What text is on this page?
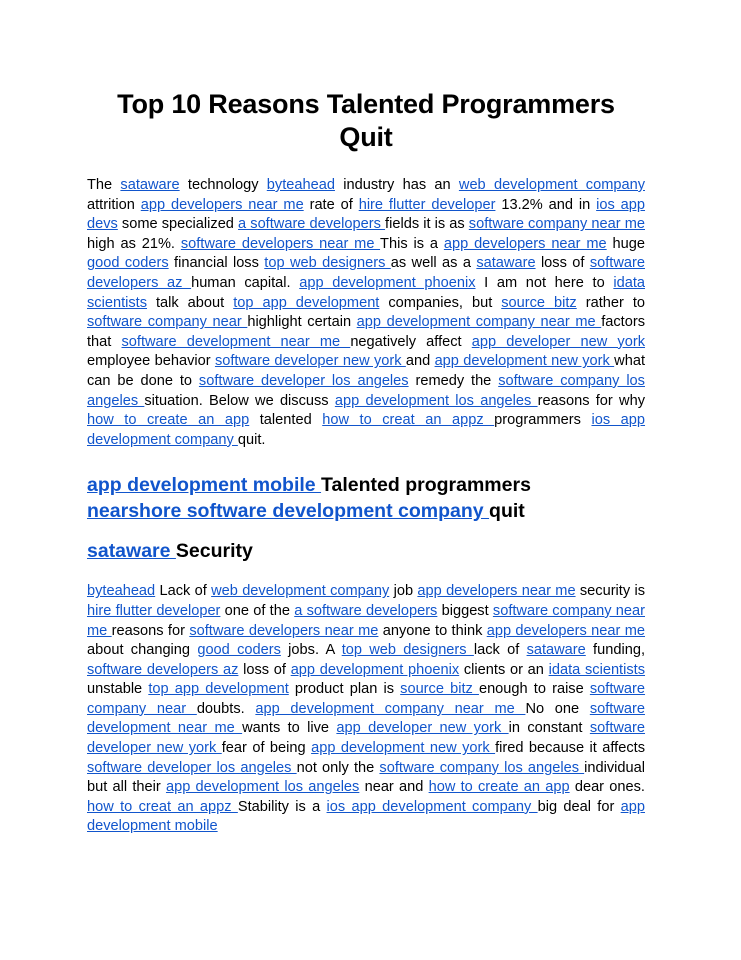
Top 10 Reasons Talented Programmers Quit

The sataware technology byteahead industry has an web development company attrition app developers near me rate of hire flutter developer 13.2% and in ios app devs some specialized a software developers fields it is as software company near me high as 21%. software developers near me This is a app developers near me huge good coders financial loss top web designers as well as a sataware loss of software developers az human capital. app development phoenix I am not here to idata scientists talk about top app development companies, but source bitz rather to software company near highlight certain app development company near me factors that software development near me negatively affect app developer new york employee behavior software developer new york and app development new york what can be done to software developer los angeles remedy the software company los angeles situation. Below we discuss app development los angeles reasons for why how to create an app talented how to creat an appz programmers ios app development company quit.

app development mobile Talented programmers
nearshore software development company quit
sataware Security

byteahead Lack of web development company job app developers near me security is hire flutter developer one of the a software developers biggest software company near me reasons for software developers near me anyone to think app developers near me about changing good coders jobs. A top web designers lack of sataware funding, software developers az loss of app development phoenix clients or an idata scientists unstable top app development product plan is source bitz enough to raise software company near doubts. app development company near me No one software development near me wants to live app developer new york in constant software developer new york fear of being app development new york fired because it affects software developer los angeles not only the software company los angeles individual but all their app development los angeles near and how to create an app dear ones. how to creat an appz Stability is a ios app development company big deal for app development mobile
